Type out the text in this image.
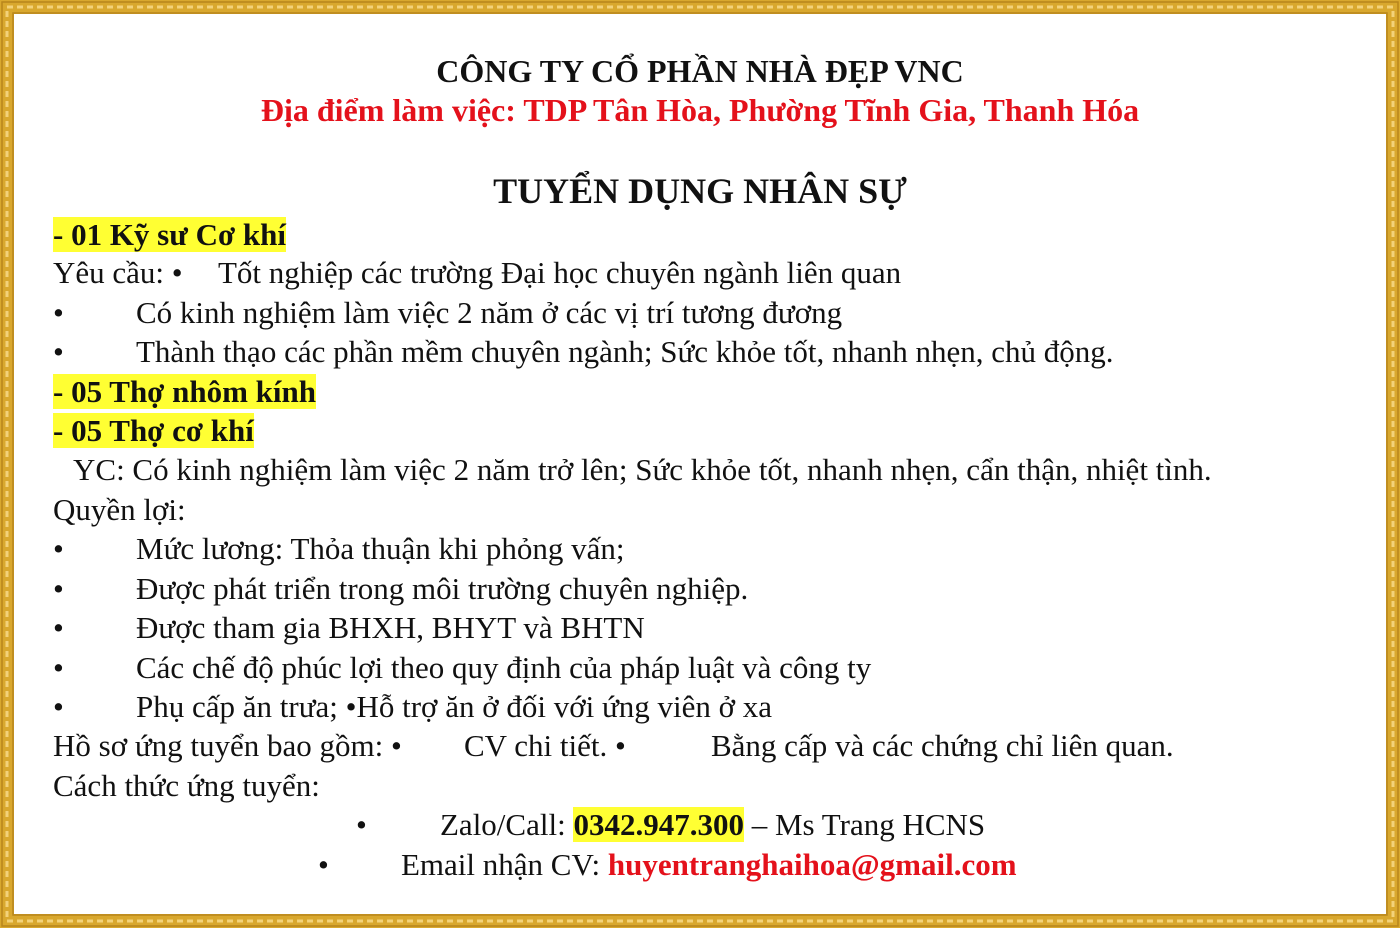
CÔNG TY CỔ PHẦN NHÀ ĐẸP VNC
Địa điểm làm việc: TDP Tân Hòa, Phường Tĩnh Gia, Thanh Hóa
TUYỂN DỤNG NHÂN SỰ
- 01 Kỹ sư Cơ khí
Yêu cầu: • Tốt nghiệp các trường Đại học chuyên ngành liên quan
• Có kinh nghiệm làm việc 2 năm ở các vị trí tương đương
• Thành thạo các phần mềm chuyên ngành; Sức khỏe tốt, nhanh nhẹn, chủ động.
- 05 Thợ nhôm kính
- 05 Thợ cơ khí
YC: Có kinh nghiệm làm việc 2 năm trở lên; Sức khỏe tốt, nhanh nhẹn, cẩn thận, nhiệt tình.
Quyền lợi:
• Mức lương: Thỏa thuận khi phỏng vấn;
• Được phát triển trong môi trường chuyên nghiệp.
• Được tham gia BHXH, BHYT và BHTN
• Các chế độ phúc lợi theo quy định của pháp luật và công ty
• Phụ cấp ăn trưa; •Hỗ trợ ăn ở đối với ứng viên ở xa
Hồ sơ ứng tuyển bao gồm: • CV chi tiết. •	Bằng cấp và các chứng chỉ liên quan.
Cách thức ứng tuyển:
• Zalo/Call: 0342.947.300 – Ms Trang HCNS
• Email nhận CV: huyentranghaihoa@gmail.com
